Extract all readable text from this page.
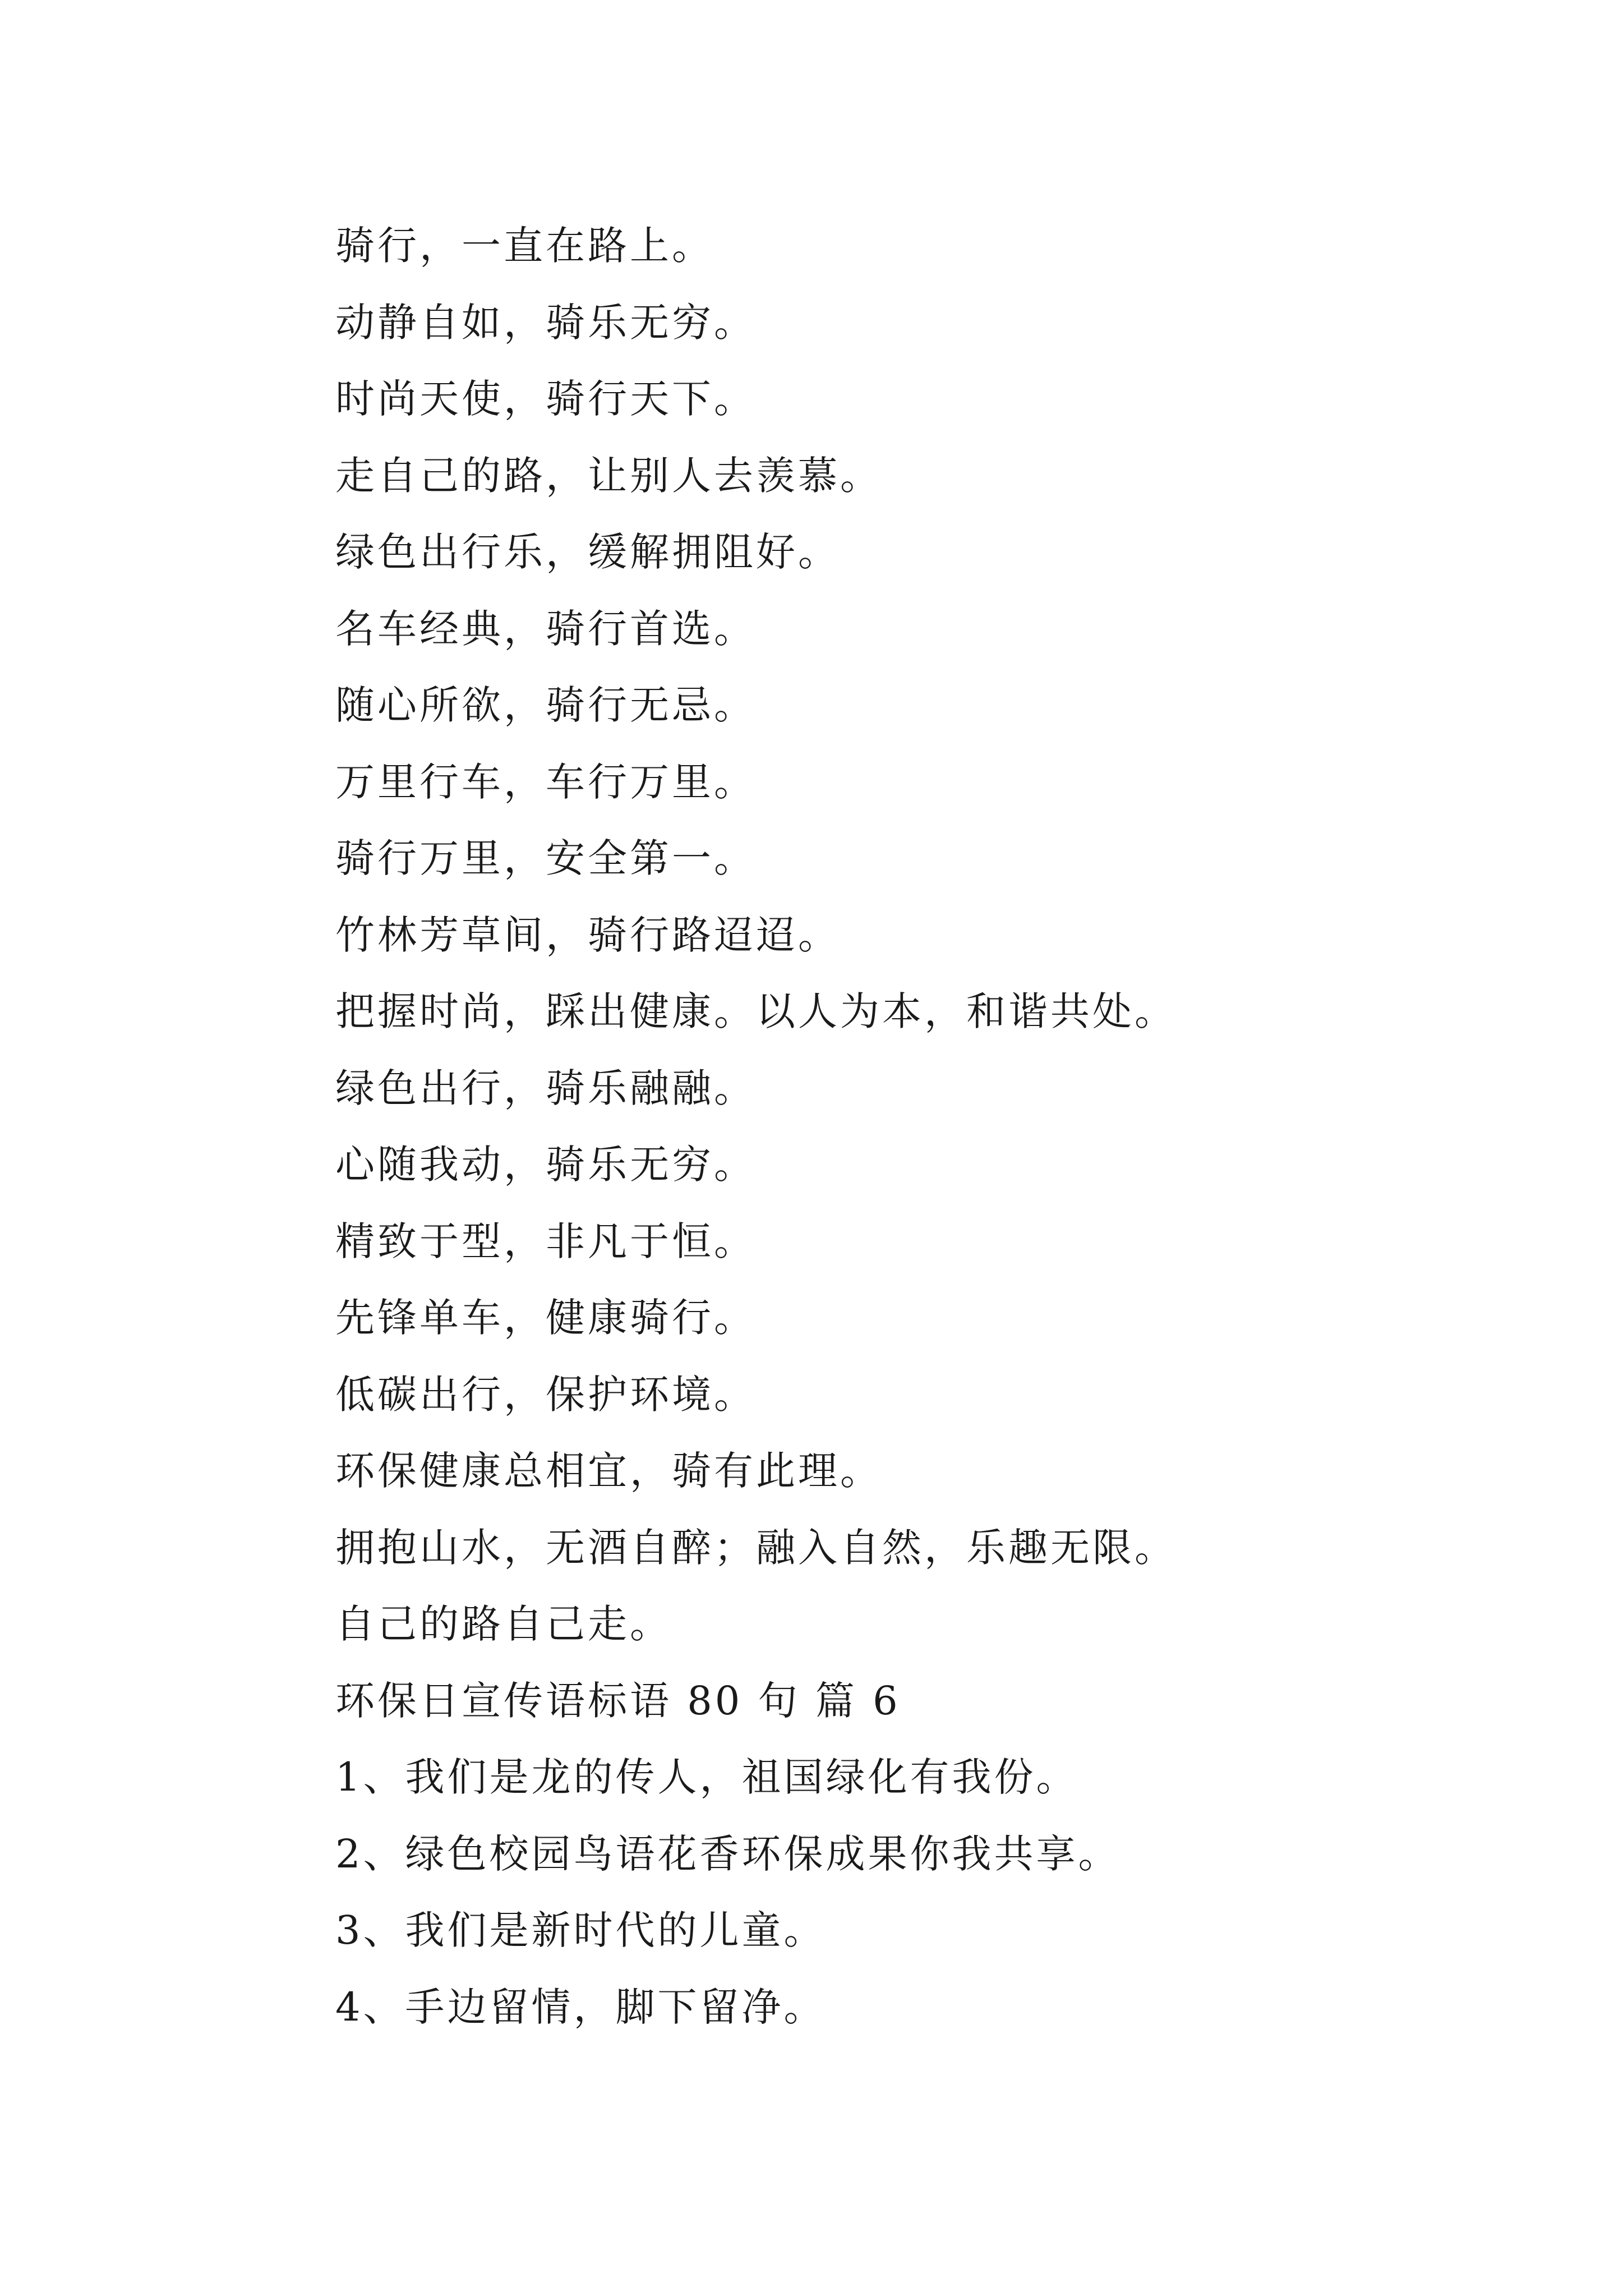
骑行，一直在路上。
动静自如，骑乐无穷。
时尚天使，骑行天下。
走自己的路，让别人去羡慕。
绿色出行乐，缓解拥阻好。
名车经典，骑行首选。
随心所欲，骑行无忌。
万里行车，车行万里。
骑行万里，安全第一。
竹林芳草间，骑行路迢迢。
把握时尚，踩出健康。以人为本，和谐共处。
绿色出行，骑乐融融。
心随我动，骑乐无穷。
精致于型，非凡于恒。
先锋单车，健康骑行。
低碳出行，保护环境。
环保健康总相宜，骑有此理。
拥抱山水，无酒自醉；融入自然，乐趣无限。
自己的路自己走。
环保日宣传语标语 80 句 篇 6
1、我们是龙的传人，祖国绿化有我份。
2、绿色校园鸟语花香环保成果你我共享。
3、我们是新时代的儿童。
4、手边留情，脚下留净。
